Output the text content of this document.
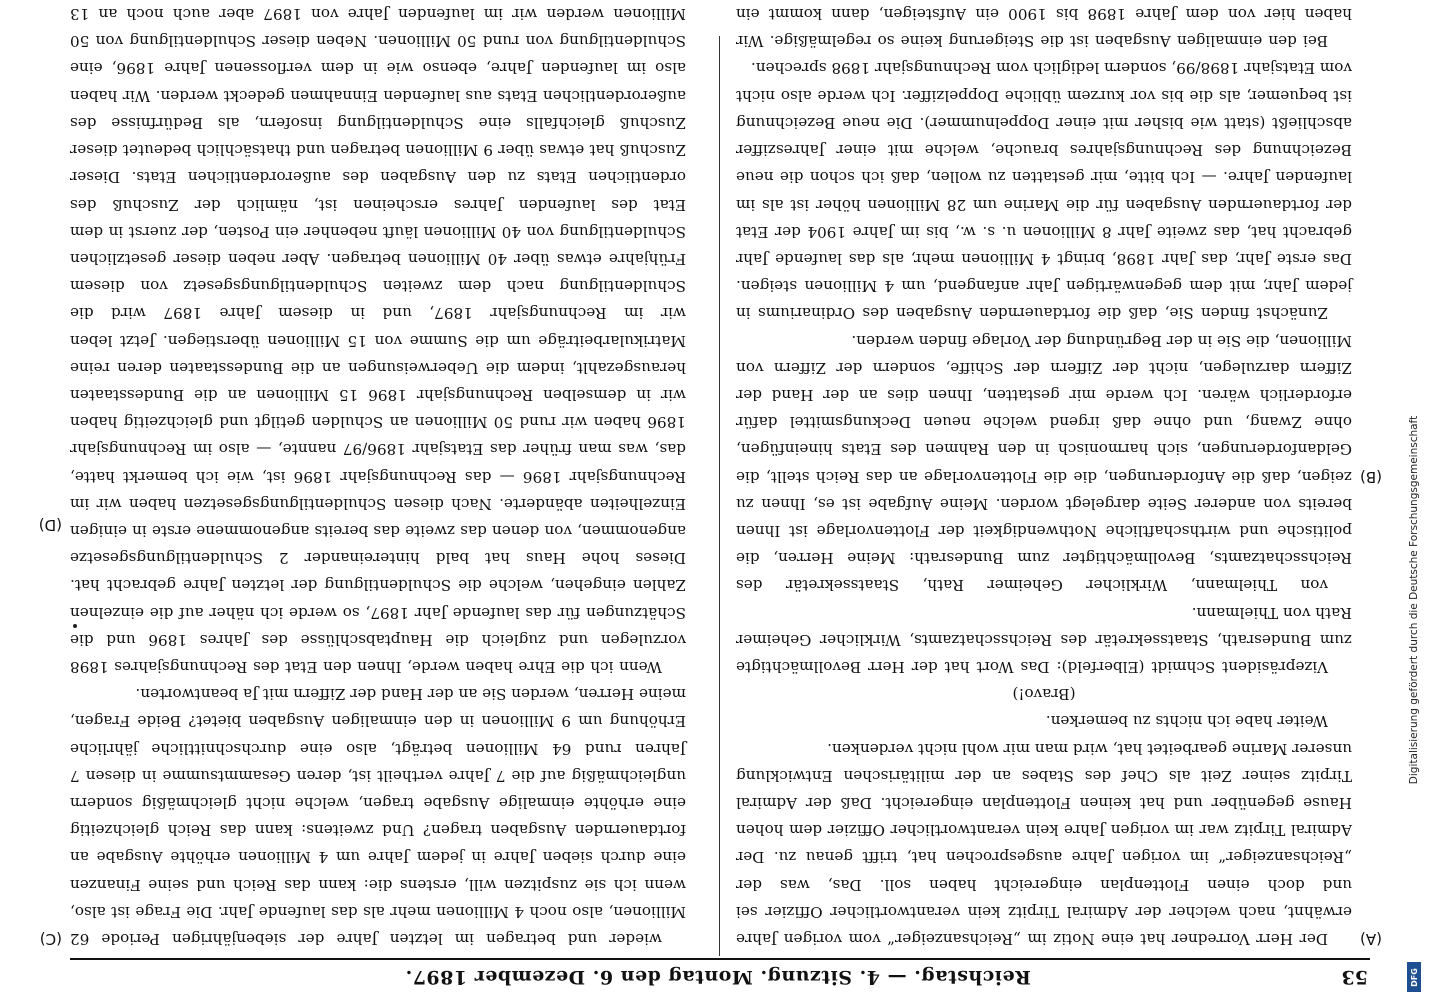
53
Reichstag. — 4. Sitzung. Montag den 6. Dezember 1897.
(A)
(B)
(C)
(D)

Der Herr Vorredner hat eine Notiz im „Reichsanzeiger“ vom vorigen Jahre erwähnt, nach welcher der Admiral Tirpitz kein verantwortlicher Offizier sei und doch einen Flottenplan eingereicht haben soll. Das, was der „Reichsanzeiger“ im vorigen Jahre ausgesprochen hat, trifft genau zu. Der Admiral Tirpitz war im vorigen Jahre kein verantwortlicher Offizier dem hohen Hause gegenüber und hat keinen Flottenplan eingereicht. Daß der Admiral Tirpitz seiner Zeit als Chef des Stabes an der militärischen Entwicklung unserer Marine gearbeitet hat, wird man mir wohl nicht verdenken.

Weiter habe ich nichts zu bemerken.

(Bravo!)

Vizepräsident Schmidt (Elberfeld): Das Wort hat der Herr Bevollmächtigte zum Bundesrath, Staatssekretär des Reichsschatzamts, Wirklicher Geheimer Rath von Thielmann.

von Thielmann, Wirklicher Geheimer Rath, Staatssekretär des Reichsschatzamts, Bevollmächtigter zum Bundesrath: Meine Herren, die politische und wirthschaftliche Nothwendigkeit der Flottenvorlage ist Ihnen bereits von anderer Seite dargelegt worden. Meine Aufgabe ist es, Ihnen zu zeigen, daß die Anforderungen, die die Flottenvorlage an das Reich stellt, die Geldanforderungen, sich harmonisch in den Rahmen des Etats hineinfügen, ohne Zwang, und ohne daß irgend welche neuen Deckungsmittel dafür erforderlich wären. Ich werde mir gestatten, Ihnen dies an der Hand der Ziffern darzulegen, nicht der Ziffern der Schiffe, sondern der Ziffern von Millionen, die Sie in der Begründung der Vorlage finden werden.

Zunächst finden Sie, daß die fortdauernden Ausgaben des Ordinariums in jedem Jahr, mit dem gegenwärtigen Jahr anfangend, um 4 Millionen steigen. Das erste Jahr, das Jahr 1898, bringt 4 Millionen mehr, als das laufende Jahr gebracht hat, das zweite Jahr 8 Millionen u. s. w., bis im Jahre 1904 der Etat der fortdauernden Ausgaben für die Marine um 28 Millionen höher ist als im laufenden Jahre. — Ich bitte, mir gestatten zu wollen, daß ich schon die neue Bezeichnung des Rechnungsjahres brauche, welche mit einer Jahresziffer abschließt (statt wie bisher mit einer Doppelnummer). Die neue Bezeichnung ist bequemer, als die bis vor kurzem übliche Doppelziffer. Ich werde also nicht vom Etatsjahr 1898/99, sondern lediglich vom Rechnungsjahr 1898 sprechen.

Bei den einmaligen Ausgaben ist die Steigerung keine so regelmäßige. Wir haben hier von dem Jahre 1898 bis 1900 ein Aufsteigen, dann kommt ein

wieder und betragen im letzten Jahre der siebenjährigen Periode 62 Millionen, also noch 4 Millionen mehr als das laufende Jahr. Die Frage ist also, wenn ich sie zuspitzen will, erstens die: kann das Reich und seine Finanzen eine durch sieben Jahre in jedem Jahre um 4 Millionen erhöhte Ausgabe an fortdauernden Ausgaben tragen? Und zweitens: kann das Reich gleichzeitig eine erhöhte einmalige Ausgabe tragen, welche nicht gleichmäßig sondern ungleichmäßig auf die 7 Jahre vertheilt ist, deren Gesammtsumme in diesen 7 Jahren rund 64 Millionen beträgt, also eine durchschnittliche jährliche Erhöhung um 9 Millionen in den einmaligen Ausgaben bietet? Beide Fragen, meine Herren, werden Sie an der Hand der Ziffern mit Ja beantworten.

Wenn ich die Ehre haben werde, Ihnen den Etat des Rechnungsjahres 1898 vorzulegen und zugleich die Hauptabschlüsse des Jahres 1896 und die Schätzungen für das laufende Jahr 1897, so werde ich näher auf die einzelnen Zahlen eingehen, welche die Schuldentilgung der letzten Jahre gebracht hat. Dieses hohe Haus hat bald hintereinander 2 Schuldentilgungsgesetze angenommen, von denen das zweite das bereits angenommene erste in einigen Einzelheiten abänderte. Nach diesen Schuldentilgungsgesetzen haben wir im Rechnungsjahr 1896 — das Rechnungsjahr 1896 ist, wie ich bemerkt hatte, das, was man früher das Etatsjahr 1896/97 nannte, — also im Rechnungsjahr 1896 haben wir rund 50 Millionen an Schulden getilgt und gleichzeitig haben wir in demselben Rechnungsjahr 1896 15 Millionen an die Bundesstaaten herausgezahlt, indem die Ueberweisungen an die Bundesstaaten deren reine Matrikularbeiträge um die Summe von 15 Millionen überstiegen. Jetzt leben wir im Rechnungsjahr 1897, und in diesem Jahre 1897 wird die Schuldentilgung nach dem zweiten Schuldentilgungsgesetz von diesem Frühjahre etwas über 40 Millionen betragen. Aber neben dieser gesetzlichen Schuldentilgung von 40 Millionen läuft nebenher ein Posten, der zuerst in dem Etat des laufenden Jahres erscheinen ist, nämlich der Zuschuß des ordentlichen Etats zu den Ausgaben des außerordentlichen Etats. Dieser Zuschuß hat etwas über 9 Millionen betragen und thatsächlich bedeutet dieser Zuschuß gleichfalls eine Schuldentilgung insofern, als Bedürfnisse des außerordentlichen Etats aus laufenden Einnahmen gedeckt werden. Wir haben also im laufenden Jahre, ebenso wie in dem verflossenen Jahre 1896, eine Schuldentilgung von rund 50 Millionen. Neben dieser Schuldentilgung von 50 Millionen werden wir im laufenden Jahre von 1897 aber auch noch an 13

Digitalisierung gefördert durch die Deutsche Forschungsgemeinschaft
DFG
